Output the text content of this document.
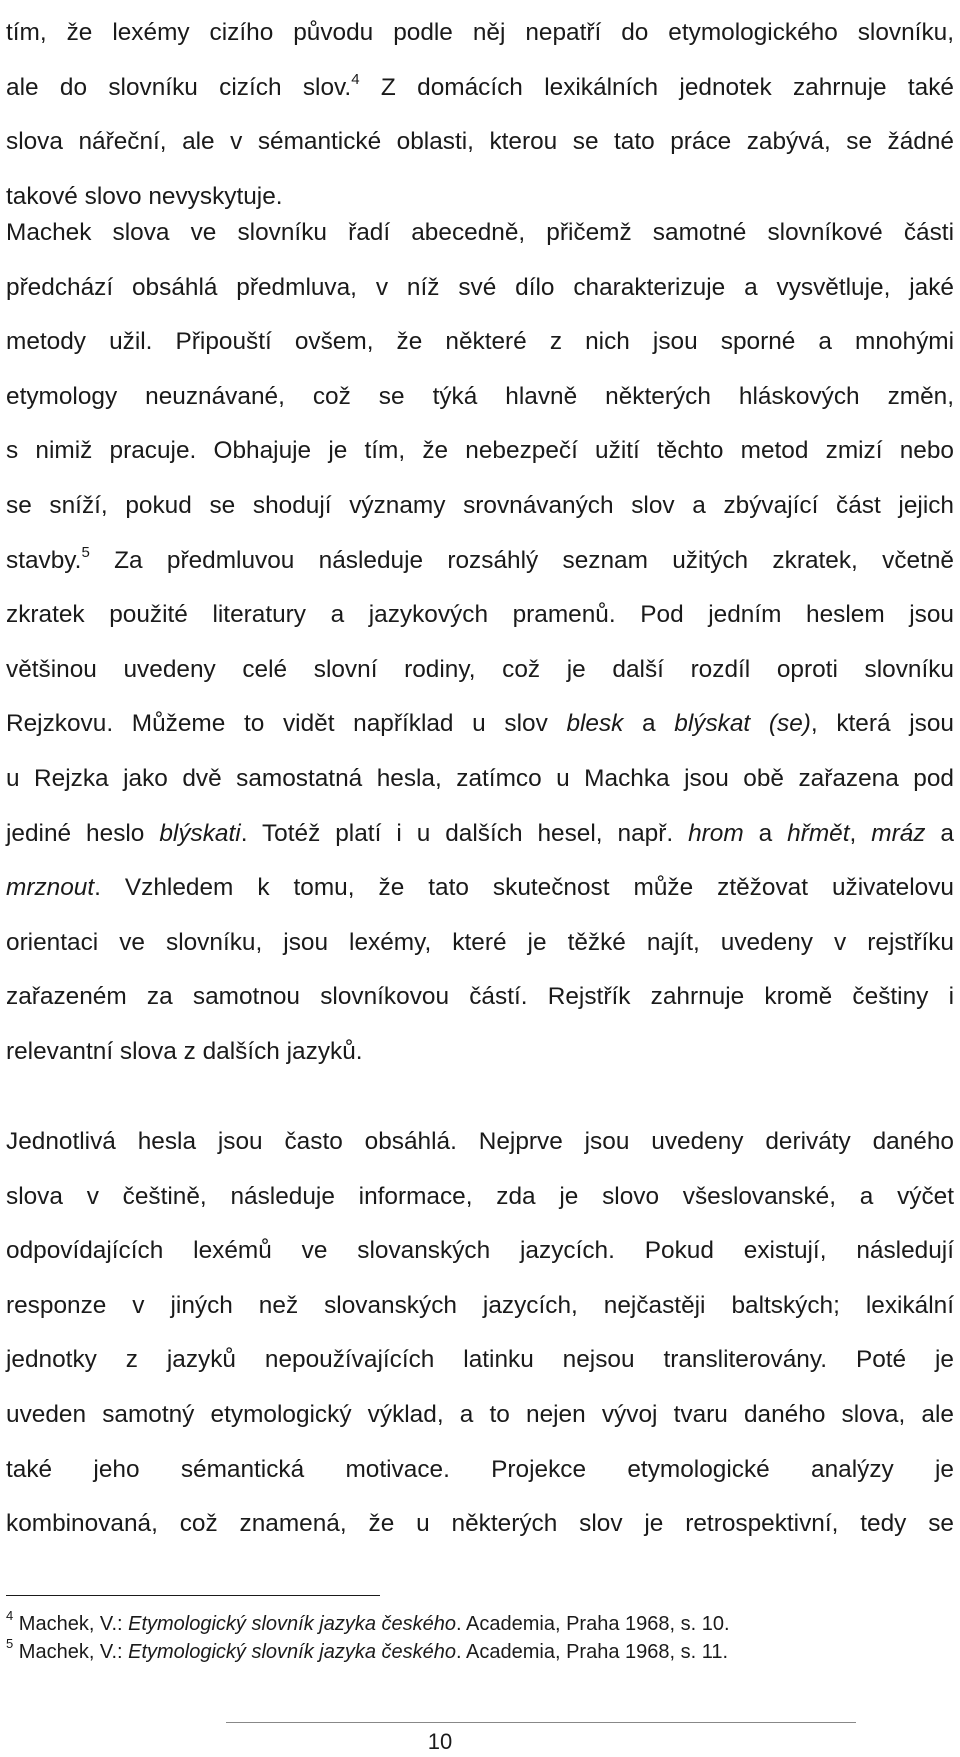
tím, že lexémy cizího původu podle něj nepatří do etymologického slovníku,
ale do slovníku cizích slov.$^4$ Z domácích lexikálních jednotek zahrnuje také
slova nářeční, ale v sémantické oblasti, kterou se tato práce zabývá, se žádné
takové slovo nevyskytuje.
Machek slova ve slovníku řadí abecedně, přičemž samotné slovníkové části
předchází obsáhlá předmluva, v níž své dílo charakterizuje a vysvětluje, jaké
metody užil. Připouští ovšem, že některé z nich jsou sporné a mnohými
etymology neuznávané, což se týká hlavně některých hláskových změn,
s nimiž pracuje. Obhajuje je tím, že nebezpečí užití těchto metod zmizí nebo
se sníží, pokud se shodují významy srovnávaných slov a zbývající část jejich
stavby.$^5$ Za předmluvou následuje rozsáhlý seznam užitých zkratek, včetně
zkratek použité literatury a jazykových pramenů. Pod jedním heslem jsou
většinou uvedeny celé slovní rodiny, což je další rozdíl oproti slovníku
Rejzkovu. Můžeme to vidět například u slov blesk a blýskat (se), která jsou
u Rejzka jako dvě samostatná hesla, zatímco u Machka jsou obě zařazena pod
jediné heslo blýskati. Totéž platí i u dalších hesel, např. hrom a hřmět, mráz a
mrznout. Vzhledem k tomu, že tato skutečnost může ztěžovat uživatelovu
orientaci ve slovníku, jsou lexémy, které je těžké najít, uvedeny v rejstříku
zařazeném za samotnou slovníkovou částí. Rejstřík zahrnuje kromě češtiny i
relevantní slova z dalších jazyků.
Jednotlivá hesla jsou často obsáhlá. Nejprve jsou uvedeny deriváty daného
slova v češtině, následuje informace, zda je slovo všeslovanské, a výčet
odpovídajících lexémů ve slovanských jazycích. Pokud existují, následují
responze v jiných než slovanských jazycích, nejčastěji baltských; lexikální
jednotky z jazyků nepoužívajících latinku nejsou transliterovány. Poté je
uveden samotný etymologický výklad, a to nejen vývoj tvaru daného slova, ale
také jeho sémantická motivace. Projekce etymologické analýzy je
kombinovaná, což znamená, že u některých slov je retrospektivní, tedy se
$^4$ Machek, V.: Etymologický slovník jazyka českého. Academia, Praha 1968, s. 10.
$^5$ Machek, V.: Etymologický slovník jazyka českého. Academia, Praha 1968, s. 11.
10
